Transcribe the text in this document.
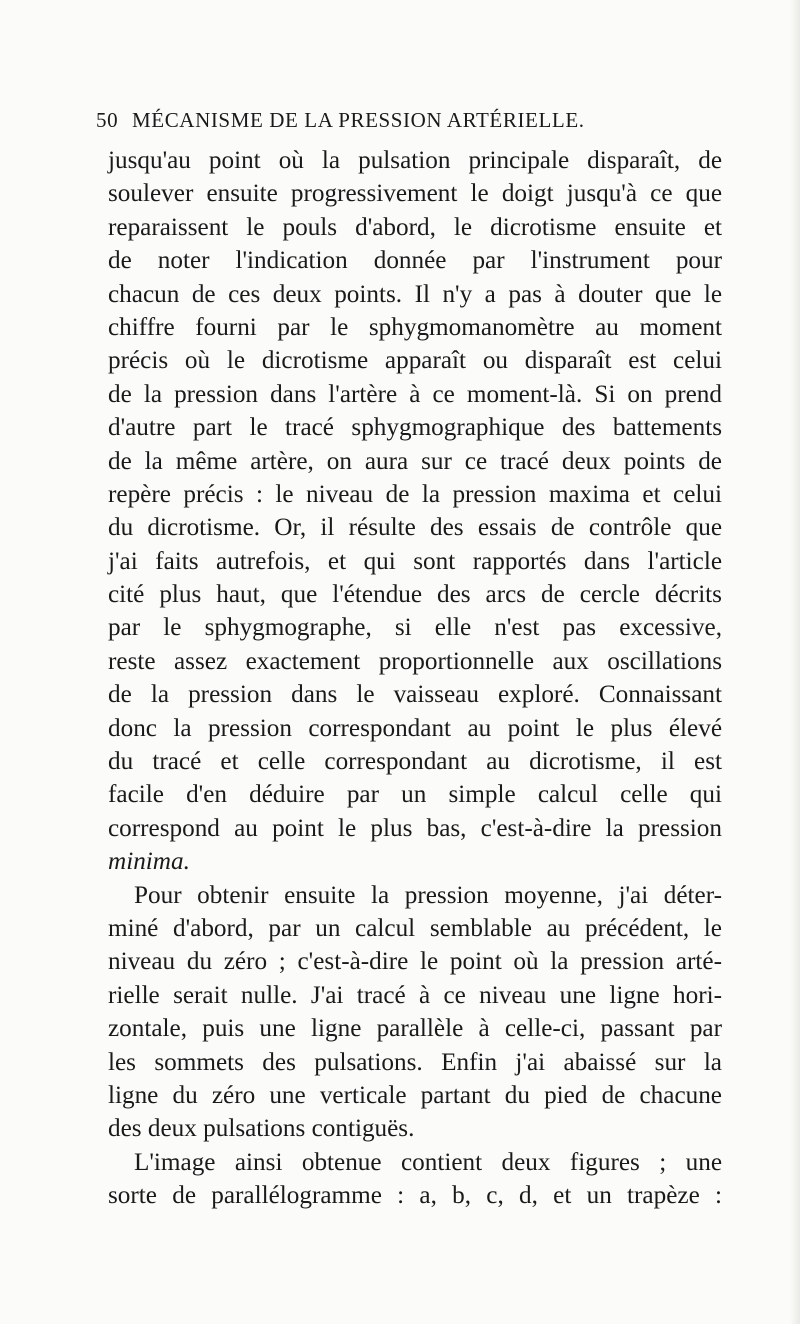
50 MÉCANISME DE LA PRESSION ARTÉRIELLE.
jusqu'au point où la pulsation principale disparaît, de
soulever ensuite progressivement le doigt jusqu'à ce que
reparaissent le pouls d'abord, le dicrotisme ensuite et
de noter l'indication donnée par l'instrument pour
chacun de ces deux points. Il n'y a pas à douter que le
chiffre fourni par le sphygmomanomètre au moment
précis où le dicrotisme apparaît ou disparaît est celui
de la pression dans l'artère à ce moment-là. Si on prend
d'autre part le tracé sphygmographique des battements
de la même artère, on aura sur ce tracé deux points de
repère précis : le niveau de la pression maxima et celui
du dicrotisme. Or, il résulte des essais de contrôle que
j'ai faits autrefois, et qui sont rapportés dans l'article
cité plus haut, que l'étendue des arcs de cercle décrits
par le sphygmographe, si elle n'est pas excessive,
reste assez exactement proportionnelle aux oscillations
de la pression dans le vaisseau exploré. Connaissant
donc la pression correspondant au point le plus élevé
du tracé et celle correspondant au dicrotisme, il est
facile d'en déduire par un simple calcul celle qui
correspond au point le plus bas, c'est-à-dire la pression
minima.
Pour obtenir ensuite la pression moyenne, j'ai déter-
miné d'abord, par un calcul semblable au précédent, le
niveau du zéro ; c'est-à-dire le point où la pression arté-
rielle serait nulle. J'ai tracé à ce niveau une ligne hori-
zontale, puis une ligne parallèle à celle-ci, passant par
les sommets des pulsations. Enfin j'ai abaissé sur la
ligne du zéro une verticale partant du pied de chacune
des deux pulsations contiguës.
L'image ainsi obtenue contient deux figures ; une
sorte de parallélogramme : a, b, c, d, et un trapèze :
